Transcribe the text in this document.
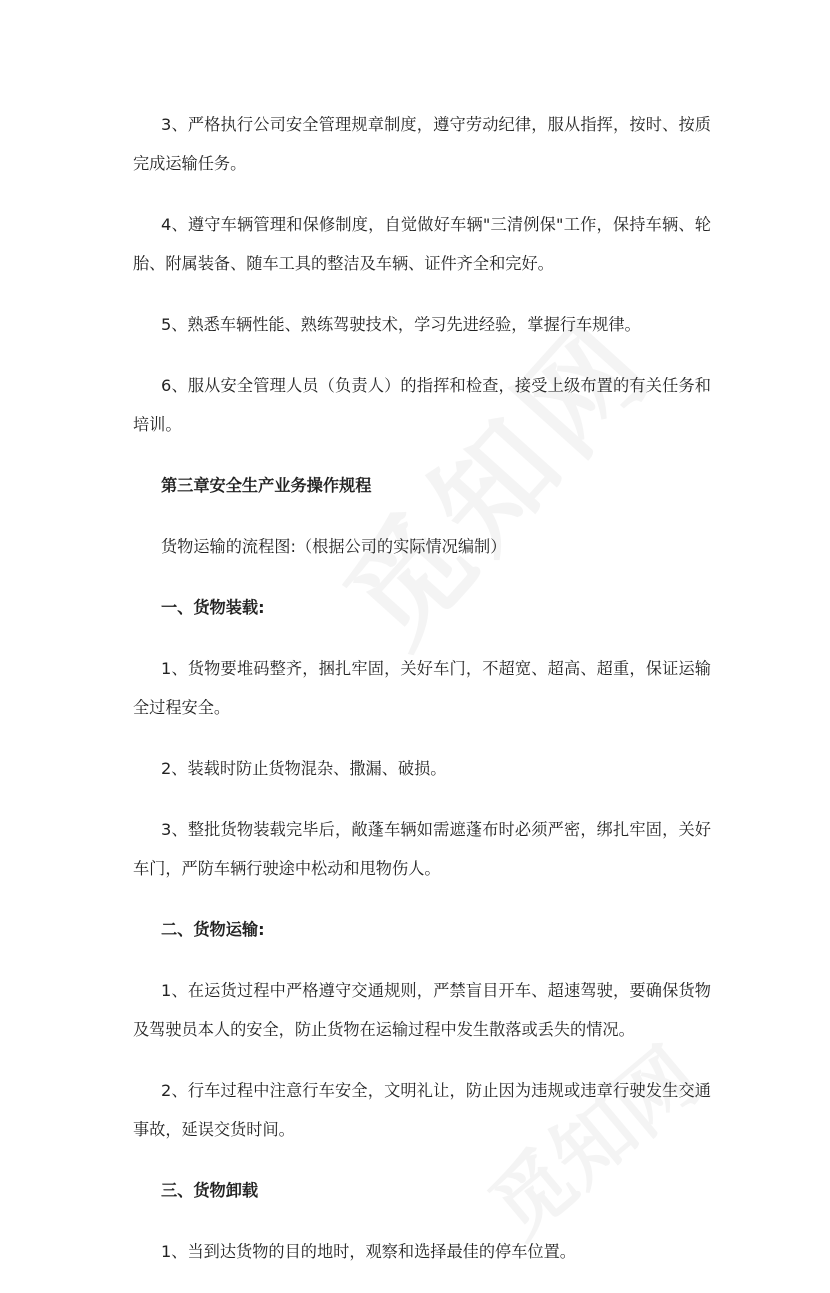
3、严格执行公司安全管理规章制度，遵守劳动纪律，服从指挥，按时、按质完成运输任务。

4、遵守车辆管理和保修制度，自觉做好车辆"三清例保"工作，保持车辆、轮胎、附属装备、随车工具的整洁及车辆、证件齐全和完好。

5、熟悉车辆性能、熟练驾驶技术，学习先进经验，掌握行车规律。

6、服从安全管理人员（负责人）的指挥和检查，接受上级布置的有关任务和培训。

第三章安全生产业务操作规程

货物运输的流程图:（根据公司的实际情况编制）

一、货物装载:

1、货物要堆码整齐，捆扎牢固，关好车门，不超宽、超高、超重，保证运输全过程安全。

2、装载时防止货物混杂、撒漏、破损。

3、整批货物装载完毕后，敞蓬车辆如需遮蓬布时必须严密，绑扎牢固，关好车门，严防车辆行驶途中松动和甩物伤人。

二、货物运输:

1、在运货过程中严格遵守交通规则，严禁盲目开车、超速驾驶，要确保货物及驾驶员本人的安全，防止货物在运输过程中发生散落或丢失的情况。

2、行车过程中注意行车安全，文明礼让，防止因为违规或违章行驶发生交通事故，延误交货时间。

三、货物卸载

1、当到达货物的目的地时，观察和选择最佳的停车位置。
